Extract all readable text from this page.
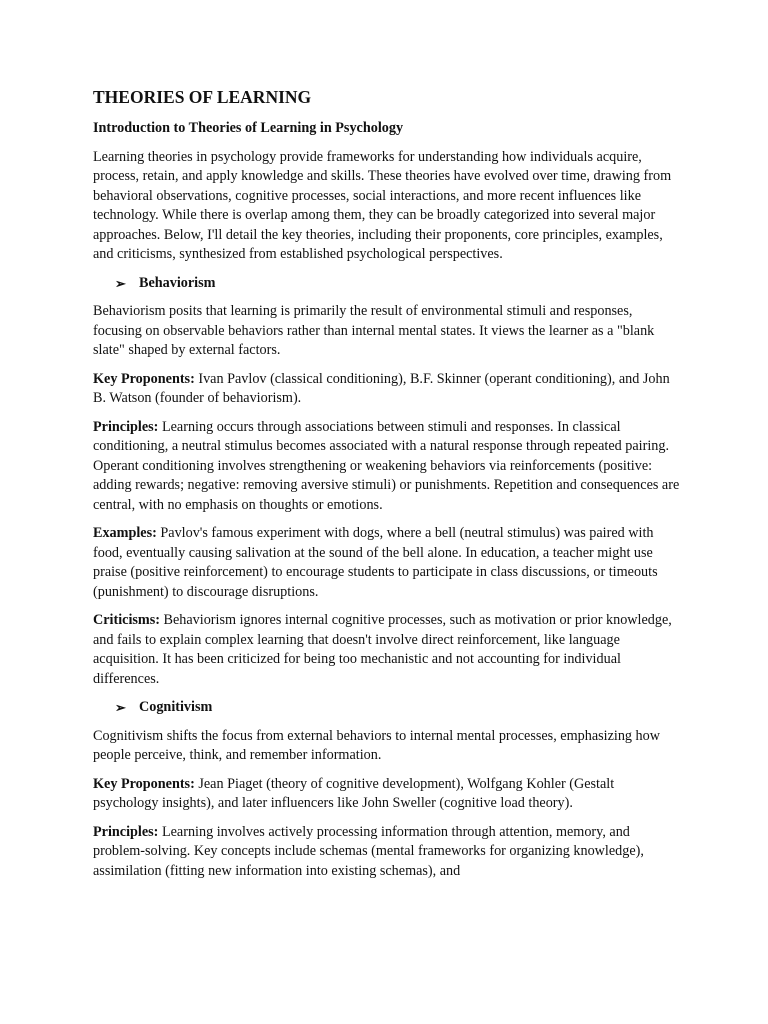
THEORIES OF LEARNING
Introduction to Theories of Learning in Psychology

Learning theories in psychology provide frameworks for understanding how individuals acquire, process, retain, and apply knowledge and skills. These theories have evolved over time, drawing from behavioral observations, cognitive processes, social interactions, and more recent influences like technology. While there is overlap among them, they can be broadly categorized into several major approaches. Below, I'll detail the key theories, including their proponents, core principles, examples, and criticisms, synthesized from established psychological perspectives.

➢ Behaviorism

Behaviorism posits that learning is primarily the result of environmental stimuli and responses, focusing on observable behaviors rather than internal mental states. It views the learner as a "blank slate" shaped by external factors.

Key Proponents: Ivan Pavlov (classical conditioning), B.F. Skinner (operant conditioning), and John B. Watson (founder of behaviorism).

Principles: Learning occurs through associations between stimuli and responses. In classical conditioning, a neutral stimulus becomes associated with a natural response through repeated pairing. Operant conditioning involves strengthening or weakening behaviors via reinforcements (positive: adding rewards; negative: removing aversive stimuli) or punishments. Repetition and consequences are central, with no emphasis on thoughts or emotions.

Examples: Pavlov's famous experiment with dogs, where a bell (neutral stimulus) was paired with food, eventually causing salivation at the sound of the bell alone. In education, a teacher might use praise (positive reinforcement) to encourage students to participate in class discussions, or timeouts (punishment) to discourage disruptions.

Criticisms: Behaviorism ignores internal cognitive processes, such as motivation or prior knowledge, and fails to explain complex learning that doesn't involve direct reinforcement, like language acquisition. It has been criticized for being too mechanistic and not accounting for individual differences.

➢ Cognitivism

Cognitivism shifts the focus from external behaviors to internal mental processes, emphasizing how people perceive, think, and remember information.

Key Proponents: Jean Piaget (theory of cognitive development), Wolfgang Kohler (Gestalt psychology insights), and later influencers like John Sweller (cognitive load theory).

Principles: Learning involves actively processing information through attention, memory, and problem-solving. Key concepts include schemas (mental frameworks for organizing knowledge), assimilation (fitting new information into existing schemas), and
